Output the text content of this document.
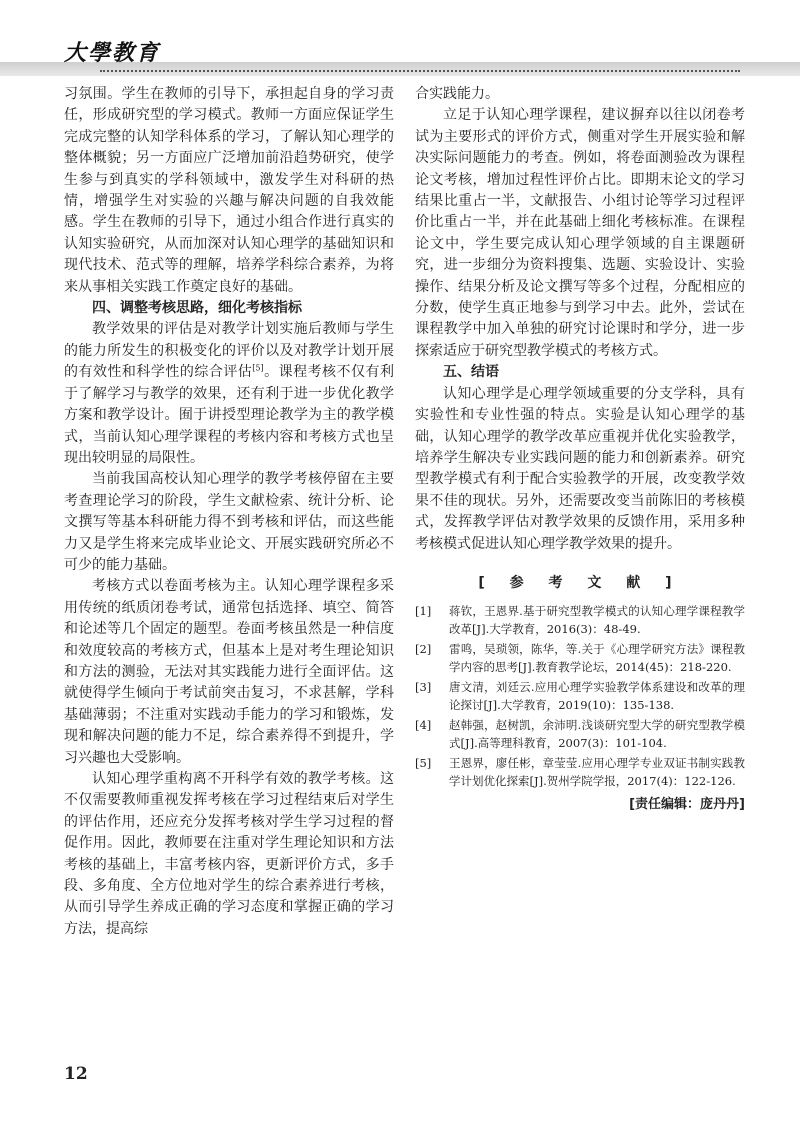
大學教育

习氛围。学生在教师的引导下，承担起自身的学习责任，形成研究型的学习模式。教师一方面应保证学生完成完整的认知学科体系的学习，了解认知心理学的整体概貌；另一方面应广泛增加前沿趋势研究，使学生参与到真实的学科领域中，激发学生对科研的热情，增强学生对实验的兴趣与解决问题的自我效能感。学生在教师的引导下，通过小组合作进行真实的认知实验研究，从而加深对认知心理学的基础知识和现代技术、范式等的理解，培养学科综合素养，为将来从事相关实践工作奠定良好的基础。

四、调整考核思路，细化考核指标

教学效果的评估是对教学计划实施后教师与学生的能力所发生的积极变化的评价以及对教学计划开展的有效性和科学性的综合评估[5]。课程考核不仅有利于了解学习与教学的效果，还有利于进一步优化教学方案和教学设计。囿于讲授型理论教学为主的教学模式，当前认知心理学课程的考核内容和考核方式也呈现出较明显的局限性。

当前我国高校认知心理学的教学考核停留在主要考查理论学习的阶段，学生文献检索、统计分析、论文撰写等基本科研能力得不到考核和评估，而这些能力又是学生将来完成毕业论文、开展实践研究所必不可少的能力基础。

考核方式以卷面考核为主。认知心理学课程多采用传统的纸质闭卷考试，通常包括选择、填空、简答和论述等几个固定的题型。卷面考核虽然是一种信度和效度较高的考核方式，但基本上是对考生理论知识和方法的测验，无法对其实践能力进行全面评估。这就使得学生倾向于考试前突击复习，不求甚解，学科基础薄弱；不注重对实践动手能力的学习和锻炼，发现和解决问题的能力不足，综合素养得不到提升，学习兴趣也大受影响。

认知心理学重构离不开科学有效的教学考核。这不仅需要教师重视发挥考核在学习过程结束后对学生的评估作用，还应充分发挥考核对学生学习过程的督促作用。因此，教师要在注重对学生理论知识和方法考核的基础上，丰富考核内容，更新评价方式，多手段、多角度、全方位地对学生的综合素养进行考核，从而引导学生养成正确的学习态度和掌握正确的学习方法，提高综

合实践能力。

立足于认知心理学课程，建议摒弃以往以闭卷考试为主要形式的评价方式，侧重对学生开展实验和解决实际问题能力的考查。例如，将卷面测验改为课程论文考核，增加过程性评价占比。即期末论文的学习结果比重占一半，文献报告、小组讨论等学习过程评价比重占一半，并在此基础上细化考核标准。在课程论文中，学生要完成认知心理学领域的自主课题研究，进一步细分为资料搜集、选题、实验设计、实验操作、结果分析及论文撰写等多个过程，分配相应的分数，使学生真正地参与到学习中去。此外，尝试在课程教学中加入单独的研究讨论课时和学分，进一步探索适应于研究型教学模式的考核方式。

五、结语

认知心理学是心理学领域重要的分支学科，具有实验性和专业性强的特点。实验是认知心理学的基础，认知心理学的教学改革应重视并优化实验教学，培养学生解决专业实践问题的能力和创新素养。研究型教学模式有利于配合实验教学的开展，改变教学效果不佳的现状。另外，还需要改变当前陈旧的考核模式，发挥教学评估对教学效果的反馈作用，采用多种考核模式促进认知心理学教学效果的提升。

[ 参 考 文 献 ]
[1]	蒋钦，王恩界.基于研究型教学模式的认知心理学课程教学改革[J].大学教育，2016(3)：48-49.
[2]	雷鸣，吴琐领，陈华，等.关于《心理学研究方法》课程教学内容的思考[J].教育教学论坛，2014(45)：218-220.
[3]	唐文清，刘廷云.应用心理学实验教学体系建设和改革的理论探讨[J].大学教育，2019(10)：135-138.
[4]	赵韩强，赵树凯，余沛明.浅谈研究型大学的研究型教学模式[J].高等理科教育，2007(3)：101-104.
[5]	王恩界，廖任彬，章莹莹.应用心理学专业双证书制实践教学计划优化探索[J].贺州学院学报，2017(4)：122-126.
[责任编辑：庞丹丹]
12
